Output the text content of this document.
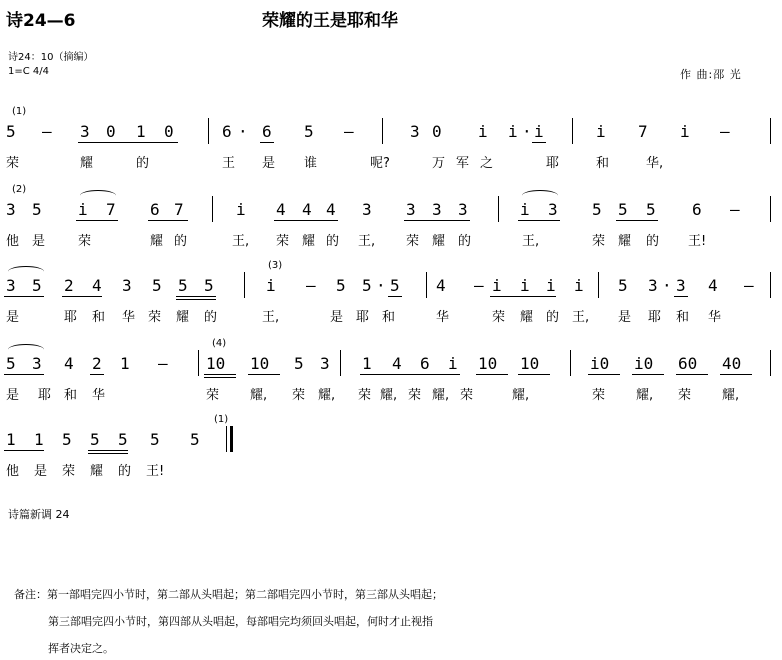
诗24—6	荣耀的王是耶和华
诗24：10（摘编）
1=C 4/4	作 曲:邵 光
(1)
5 – 3 0 1 0	6 · 6 5 –	3 0 i i · i	i 7 i –
荣	耀	的	王 是 谁	呢?	万 军 之	耶	和	华,
(2)
3 5 i 7 6 7	i 4 4 4 3 3 3 3	i 3 5 5 5 6 –
他 是	荣	耀 的	王, 荣 耀 的 王, 荣 耀 的	王,	荣 耀 的 王!
3 5 2 4 3 5 5 5
(3)
i – 5 5 · 5 4 – i i i i 5 3 · 3 4 –
是	耶 和 华 荣 耀 的	王,	是 耶 和	华	荣 耀 的 王, 是 耶 和 华
5 3 4 2 1 –
(4)
10 10 5 3 1 4 6 i 10 10	i0 i0 60 40
是 耶 和 华	荣 耀, 荣 耀, 荣 耀, 荣 耀, 荣	耀,	荣 耀, 荣 耀,
1 1 5 5 5 5
(1)
5
他 是 荣 耀 的 王!
诗篇新调 24
备注：第一部唱完四小节时，第二部从头唱起；第二部唱完四小节时，第三部从头唱起；
第三部唱完四小节时，第四部从头唱起，每部唱完均须回头唱起，何时才止视指
挥者决定之。
